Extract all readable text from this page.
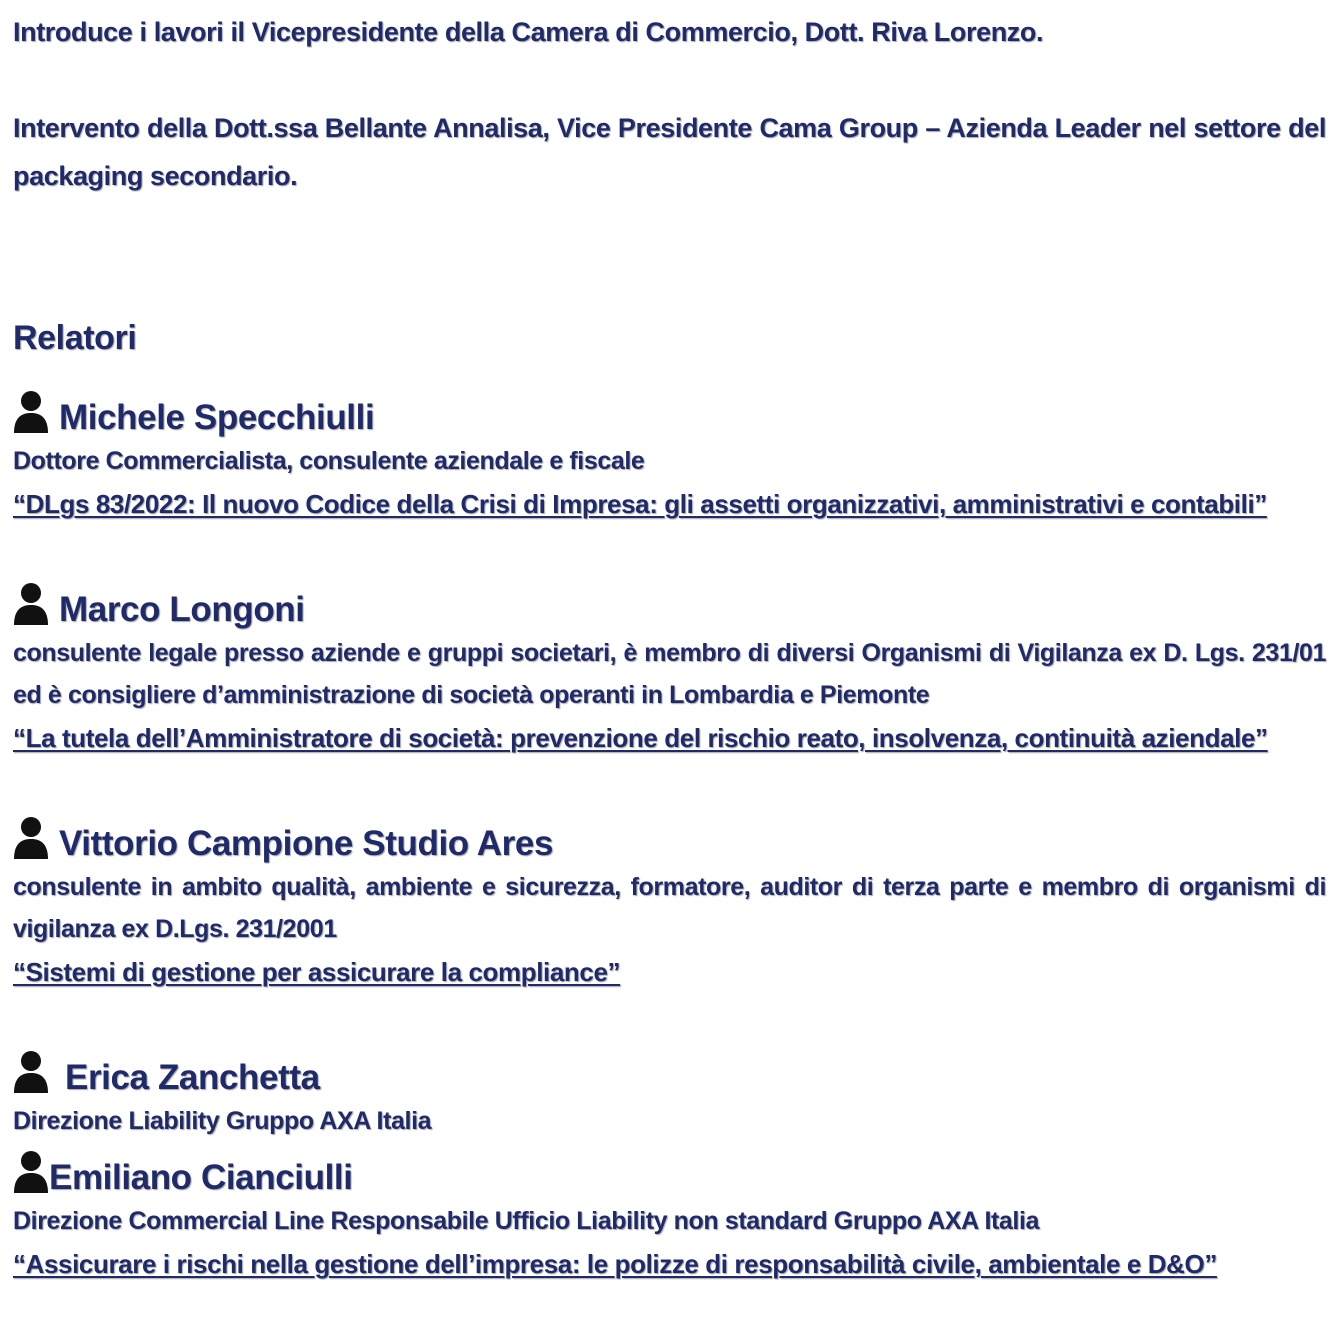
Introduce i lavori il Vicepresidente della Camera di Commercio, Dott. Riva Lorenzo.

Intervento della Dott.ssa Bellante Annalisa, Vice Presidente Cama Group – Azienda Leader nel settore del packaging secondario.

Relatori
Michele Specchiulli

Dottore Commercialista, consulente aziendale e fiscale

“DLgs 83/2022: Il nuovo Codice della Crisi di Impresa: gli assetti organizzativi, amministrativi e contabili”
Marco Longoni

consulente legale presso aziende e gruppi societari, è membro di diversi Organismi di Vigilanza ex D. Lgs. 231/01 ed è consigliere d’amministrazione di società operanti in Lombardia e Piemonte

“La tutela dell’Amministratore di società: prevenzione del rischio reato, insolvenza, continuità aziendale”
Vittorio Campione Studio Ares

consulente in ambito qualità, ambiente e sicurezza, formatore, auditor di terza parte e membro di organismi di vigilanza ex D.Lgs. 231/2001

“Sistemi di gestione per assicurare la compliance”
Erica Zanchetta

Direzione Liability Gruppo AXA Italia

Emiliano Cianciulli

Direzione Commercial Line Responsabile Ufficio Liability non standard Gruppo AXA Italia

“Assicurare i rischi nella gestione dell’impresa: le polizze di responsabilità civile, ambientale e D&O”
